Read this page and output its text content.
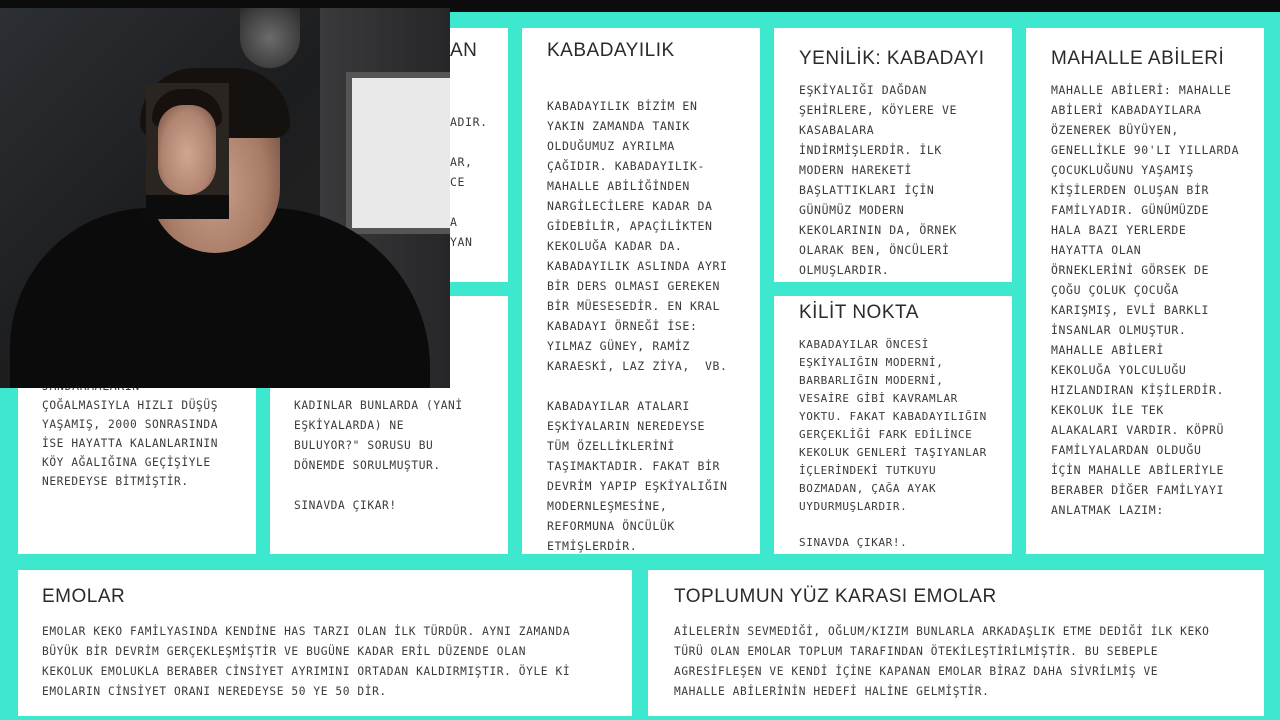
AN

ADIR.

AR,
CE

A
YAN

ÇOĞALMASIYLA HIZLI DÜŞÜŞ
YAŞAMIŞ, 2000 SONRASINDA
İSE HAYATTA KALANLARININ
KÖY AĞALIĞINA GEÇİŞİYLE
NEREDEYSE BİTMİŞTİR.

KADINLAR BUNLARDA (YANİ
EŞKİYALARDA) NE
BULUYOR?" SORUSU BU
DÖNEMDE SORULMUŞTUR.

SINAVDA ÇIKAR!

KABADAYILIK

KABADAYILIK BİZİM EN
YAKIN ZAMANDA TANIK
OLDUĞUMUZ AYRILMA
ÇAĞIDIR. KABADAYILIK-
MAHALLE ABİLİĞİNDEN
NARGİLECİLERE KADAR DA
GİDEBİLİR, APAÇİLİKTEN
KEKOLUĞA KADAR DA.
KABADAYILIK ASLINDA AYRI
BİR DERS OLMASI GEREKEN
BİR MÜESESEDİR. EN KRAL
KABADAYI ÖRNEĞİ İSE:
YILMAZ GÜNEY, RAMİZ
KARAESKİ, LAZ ZİYA,  VB.

KABADAYILAR ATALARI
EŞKİYALARIN NEREDEYSE
TÜM ÖZELLİKLERİNİ
TAŞIMAKTADIR. FAKAT BİR
DEVRİM YAPIP EŞKİYALIĞIN
MODERNLEŞMESİNE,
REFORMUNA ÖNCÜLÜK
ETMİŞLERDİR.

YENİLİK: KABADAYI

EŞKİYALIĞI DAĞDAN
ŞEHİRLERE, KÖYLERE VE
KASABALARA
İNDİRMİŞLERDİR. İLK
MODERN HAREKETİ
BAŞLATTIKLARI İÇİN
GÜNÜMÜZ MODERN
KEKOLARININ DA, ÖRNEK
OLARAK BEN, ÖNCÜLERİ
OLMUŞLARDIR.

KİLİT NOKTA

KABADAYILAR ÖNCESİ
EŞKİYALIĞIN MODERNİ,
BARBARLIĞIN MODERNİ,
VESAİRE GİBİ KAVRAMLAR
YOKTU. FAKAT KABADAYILIĞIN
GERÇEKLİĞİ FARK EDİLİNCE
KEKOLUK GENLERİ TAŞIYANLAR
İÇLERİNDEKİ TUTKUYU
BOZMADAN, ÇAĞA AYAK
UYDURMUŞLARDIR.

SINAVDA ÇIKAR!.

MAHALLE ABİLERİ

MAHALLE ABİLERİ: MAHALLE
ABİLERİ KABADAYILARA
ÖZENEREK BÜYÜYEN,
GENELLİKLE 90'LI YILLARDA
ÇOCUKLUĞUNU YAŞAMIŞ
KİŞİLERDEN OLUŞAN BİR
FAMİLYADIR. GÜNÜMÜZDE
HALA BAZI YERLERDE
HAYATTA OLAN
ÖRNEKLERİNİ GÖRSEK DE
ÇOĞU ÇOLUK ÇOCUĞA
KARIŞMIŞ, EVLİ BARKLI
İNSANLAR OLMUŞTUR.
MAHALLE ABİLERİ
KEKOLUĞA YOLCULUĞU
HIZLANDIRAN KİŞİLERDİR.
KEKOLUK İLE TEK
ALAKALARI VARDIR. KÖPRÜ
FAMİLYALARDAN OLDUĞU
İÇİN MAHALLE ABİLERİYLE
BERABER DİĞER FAMİLYAYI
ANLATMAK LAZIM:

EMOLAR

EMOLAR KEKO FAMİLYASINDA KENDİNE HAS TARZI OLAN İLK TÜRDÜR. AYNI ZAMANDA
BÜYÜK BİR DEVRİM GERÇEKLEŞMİŞTİR VE BUGÜNE KADAR ERİL DÜZENDE OLAN
KEKOLUK EMOLUKLA BERABER CİNSİYET AYRIMINI ORTADAN KALDIRMIŞTIR. ÖYLE Kİ
EMOLARIN CİNSİYET ORANI NEREDEYSE 50 YE 50 DİR.

TOPLUMUN YÜZ KARASI EMOLAR

AİLELERİN SEVMEDİĞİ, OĞLUM/KIZIM BUNLARLA ARKADAŞLIK ETME DEDİĞİ İLK KEKO
TÜRÜ OLAN EMOLAR TOPLUM TARAFINDAN ÖTEKİLEŞTİRİLMİŞTİR. BU SEBEPLE
AGRESİFLEŞEN VE KENDİ İÇİNE KAPANAN EMOLAR BİRAZ DAHA SİVRİLMİŞ VE
MAHALLE ABİLERİNİN HEDEFİ HALİNE GELMİŞTİR.
